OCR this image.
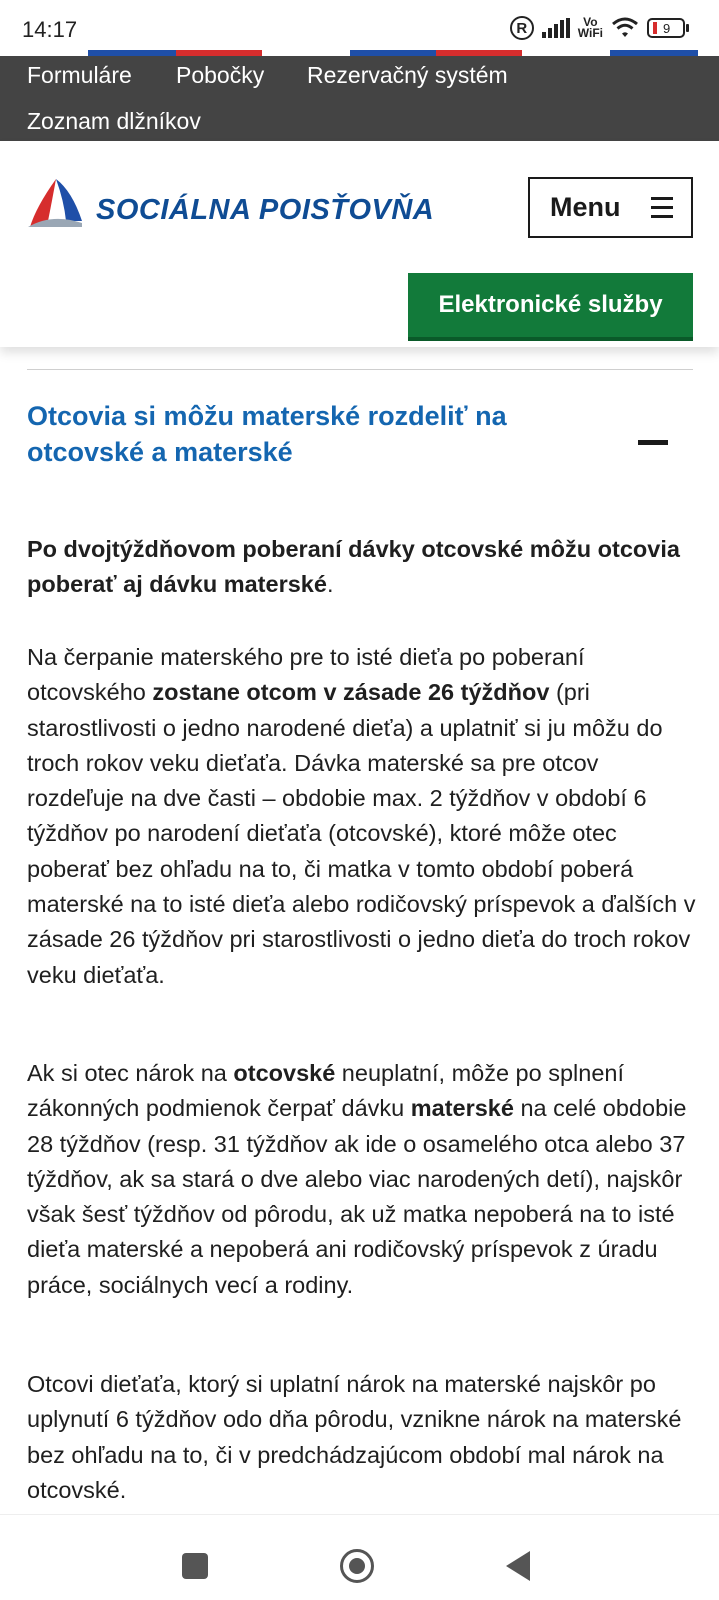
14:17	R	Vo
WiFi	9
Formuláre Pobočky Rezervačný systém
Zoznam dlžníkov
SOCIÁLNA POISŤOVŇA	Menu
Elektronické služby
Otcovia si môžu materské rozdeliť na otcovské a materské

Po dvojtýždňovom poberaní dávky otcovské môžu otcovia poberať aj dávku materské.

Na čerpanie materského pre to isté dieťa po poberaní otcovského zostane otcom v zásade 26 týždňov (pri starostlivosti o jedno narodené dieťa) a uplatniť si ju môžu do troch rokov veku dieťaťa. Dávka materské sa pre otcov rozdeľuje na dve časti – obdobie max. 2 týždňov v období 6 týždňov po narodení dieťaťa (otcovské), ktoré môže otec poberať bez ohľadu na to, či matka v tomto období poberá materské na to isté dieťa alebo rodičovský príspevok a ďalších v zásade 26 týždňov pri starostlivosti o jedno dieťa do troch rokov veku dieťaťa.

Ak si otec nárok na otcovské neuplatní, môže po splnení zákonných podmienok čerpať dávku materské na celé obdobie 28 týždňov (resp. 31 týždňov ak ide o osamelého otca alebo 37 týždňov, ak sa stará o dve alebo viac narodených detí), najskôr však šesť týždňov od pôrodu, ak už matka nepoberá na to isté dieťa materské a nepoberá ani rodičovský príspevok z úradu práce, sociálnych vecí a rodiny.

Otcovi dieťaťa, ktorý si uplatní nárok na materské najskôr po uplynutí 6 týždňov odo dňa pôrodu, vznikne nárok na materské bez ohľadu na to, či v predchádzajúcom období mal nárok na otcovské.
